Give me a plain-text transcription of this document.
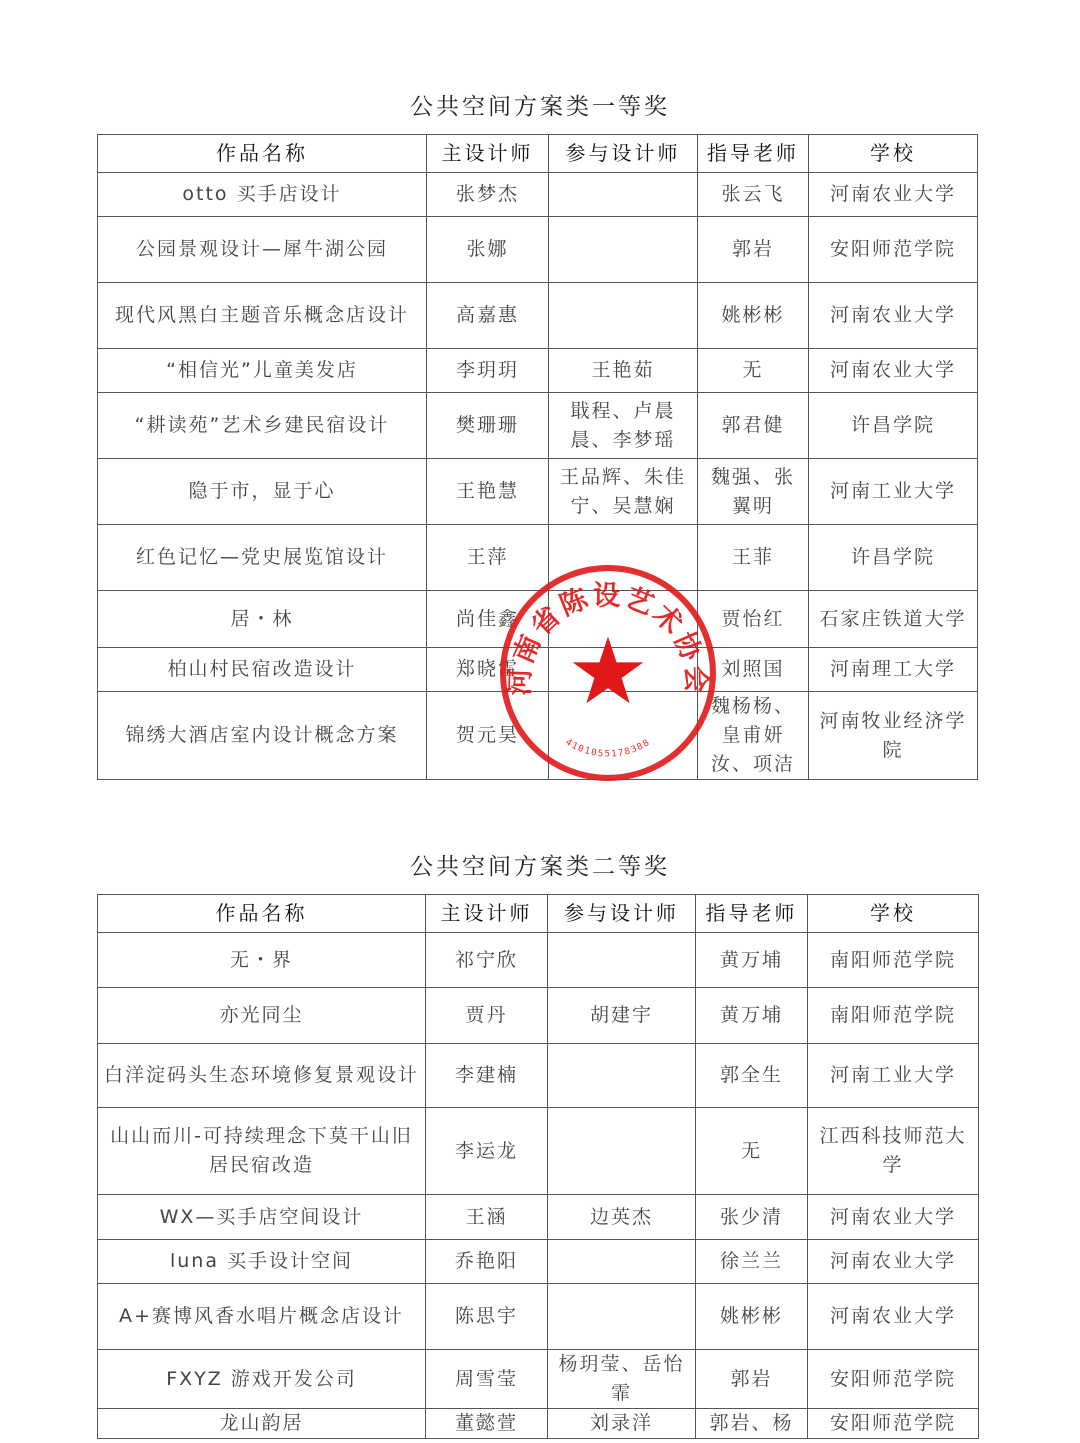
公共空间方案类一等奖
作品名称	主设计师	参与设计师	指导老师	学校
otto 买手店设计	张梦杰		张云飞	河南农业大学
公园景观设计—犀牛湖公园	张娜		郭岩	安阳师范学院
现代风黑白主题音乐概念店设计	高嘉惠		姚彬彬	河南农业大学
“相信光”儿童美发店	李玥玥	王艳茹	无	河南农业大学
“耕读苑”艺术乡建民宿设计	樊珊珊	戢程、卢晨晨、李梦瑶	郭君健	许昌学院
隐于市，显于心	王艳慧	王品辉、朱佳宁、吴慧娴	魏强、张翼明	河南工业大学
红色记忆—党史展览馆设计	王萍		王菲	许昌学院
居・林	尚佳鑫		贾怡红	石家庄铁道大学
柏山村民宿改造设计	郑晓雷		刘照国	河南理工大学
锦绣大酒店室内设计概念方案	贺元昊		魏杨杨、皇甫妍汝、项洁	河南牧业经济学院
公共空间方案类二等奖
作品名称	主设计师	参与设计师	指导老师	学校
无・界	祁宁欣		黄万埔	南阳师范学院
亦光同尘	贾丹	胡建宇	黄万埔	南阳师范学院
白洋淀码头生态环境修复景观设计	李建楠		郭全生	河南工业大学
山山而川-可持续理念下莫干山旧居民宿改造	李运龙		无	江西科技师范大学
WX—买手店空间设计	王涵	边英杰	张少清	河南农业大学
luna 买手设计空间	乔艳阳		徐兰兰	河南农业大学
A+赛博风香水唱片概念店设计	陈思宇		姚彬彬	河南农业大学
FXYZ 游戏开发公司	周雪莹	杨玥莹、岳怡霏	郭岩	安阳师范学院
龙山韵居	董懿萱	刘录洋	郭岩、杨	安阳师范学院
河南省陈设艺术协会
4101055178388
